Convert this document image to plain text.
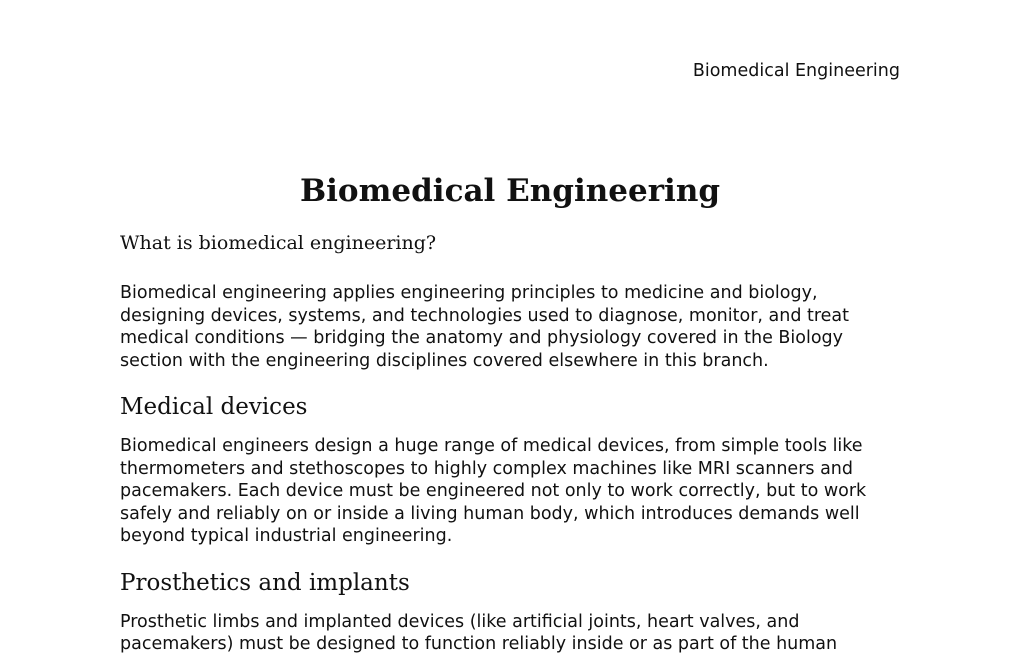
Biomedical Engineering
Biomedical Engineering
What is biomedical engineering?

Biomedical engineering applies engineering principles to medicine and biology, designing devices, systems, and technologies used to diagnose, monitor, and treat medical conditions — bridging the anatomy and physiology covered in the Biology section with the engineering disciplines covered elsewhere in this branch.

Medical devices

Biomedical engineers design a huge range of medical devices, from simple tools like thermometers and stethoscopes to highly complex machines like MRI scanners and pacemakers. Each device must be engineered not only to work correctly, but to work safely and reliably on or inside a living human body, which introduces demands well beyond typical industrial engineering.

Prosthetics and implants

Prosthetic limbs and implanted devices (like artificial joints, heart valves, and pacemakers) must be designed to function reliably inside or as part of the human
